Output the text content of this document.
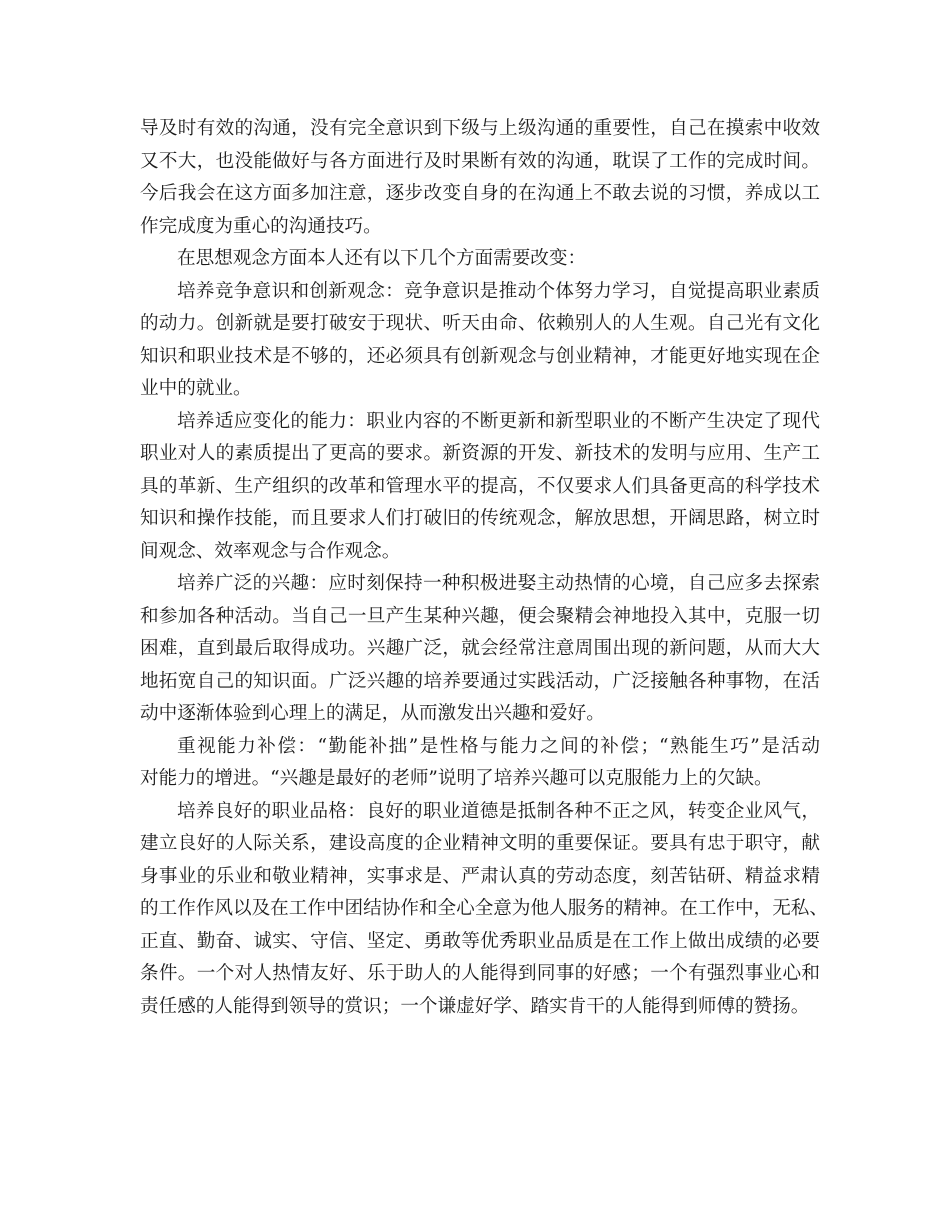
导及时有效的沟通，没有完全意识到下级与上级沟通的重要性，自己在摸索中收效
又不大，也没能做好与各方面进行及时果断有效的沟通，耽误了工作的完成时间。
今后我会在这方面多加注意，逐步改变自身的在沟通上不敢去说的习惯，养成以工
作完成度为重心的沟通技巧。
在思想观念方面本人还有以下几个方面需要改变：
培养竞争意识和创新观念：竞争意识是推动个体努力学习，自觉提高职业素质
的动力。创新就是要打破安于现状、听天由命、依赖别人的人生观。自己光有文化
知识和职业技术是不够的，还必须具有创新观念与创业精神，才能更好地实现在企
业中的就业。
培养适应变化的能力：职业内容的不断更新和新型职业的不断产生决定了现代
职业对人的素质提出了更高的要求。新资源的开发、新技术的发明与应用、生产工
具的革新、生产组织的改革和管理水平的提高，不仅要求人们具备更高的科学技术
知识和操作技能，而且要求人们打破旧的传统观念，解放思想，开阔思路，树立时
间观念、效率观念与合作观念。
培养广泛的兴趣：应时刻保持一种积极进娶主动热情的心境，自己应多去探索
和参加各种活动。当自己一旦产生某种兴趣，便会聚精会神地投入其中，克服一切
困难，直到最后取得成功。兴趣广泛，就会经常注意周围出现的新问题，从而大大
地拓宽自己的知识面。广泛兴趣的培养要通过实践活动，广泛接触各种事物，在活
动中逐渐体验到心理上的满足，从而激发出兴趣和爱好。
重视能力补偿：“勤能补拙”是性格与能力之间的补偿；“熟能生巧”是活动
对能力的增进。“兴趣是最好的老师”说明了培养兴趣可以克服能力上的欠缺。
培养良好的职业品格：良好的职业道德是抵制各种不正之风，转变企业风气，
建立良好的人际关系，建设高度的企业精神文明的重要保证。要具有忠于职守，献
身事业的乐业和敬业精神，实事求是、严肃认真的劳动态度，刻苦钻研、精益求精
的工作作风以及在工作中团结协作和全心全意为他人服务的精神。在工作中，无私、
正直、勤奋、诚实、守信、坚定、勇敢等优秀职业品质是在工作上做出成绩的必要
条件。一个对人热情友好、乐于助人的人能得到同事的好感；一个有强烈事业心和
责任感的人能得到领导的赏识；一个谦虚好学、踏实肯干的人能得到师傅的赞扬。
